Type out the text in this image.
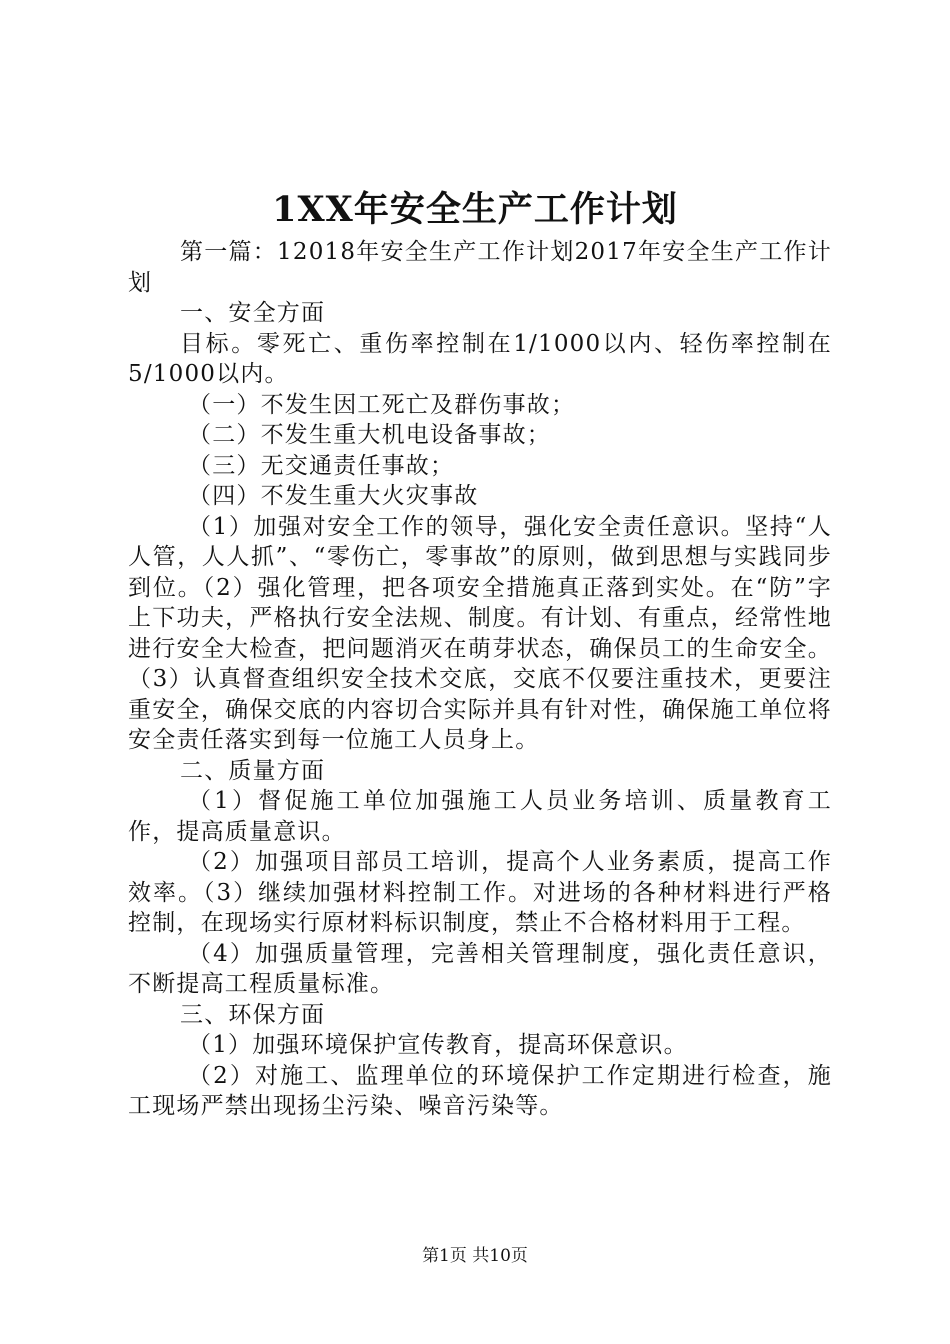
1XX年安全生产工作计划

第一篇：12018年安全生产工作计划2017年安全生产工作计划

一、安全方面

目标。零死亡、重伤率控制在1/1000以内、轻伤率控制在5/1000以内。

（一）不发生因工死亡及群伤事故；

（二）不发生重大机电设备事故；

（三）无交通责任事故；

（四）不发生重大火灾事故

（1）加强对安全工作的领导，强化安全责任意识。坚持“人人管，人人抓”、“零伤亡，零事故”的原则，做到思想与实践同步到位。（2）强化管理，把各项安全措施真正落到实处。在“防”字上下功夫，严格执行安全法规、制度。有计划、有重点，经常性地进行安全大检查，把问题消灭在萌芽状态，确保员工的生命安全。（3）认真督查组织安全技术交底，交底不仅要注重技术，更要注重安全，确保交底的内容切合实际并具有针对性，确保施工单位将安全责任落实到每一位施工人员身上。

二、质量方面

（1）督促施工单位加强施工人员业务培训、质量教育工作，提高质量意识。

（2）加强项目部员工培训，提高个人业务素质，提高工作效率。（3）继续加强材料控制工作。对进场的各种材料进行严格控制，在现场实行原材料标识制度，禁止不合格材料用于工程。

（4）加强质量管理，完善相关管理制度，强化责任意识，不断提高工程质量标准。

三、环保方面

（1）加强环境保护宣传教育，提高环保意识。

（2）对施工、监理单位的环境保护工作定期进行检查，施工现场严禁出现扬尘污染、噪音污染等。

第1页 共10页
